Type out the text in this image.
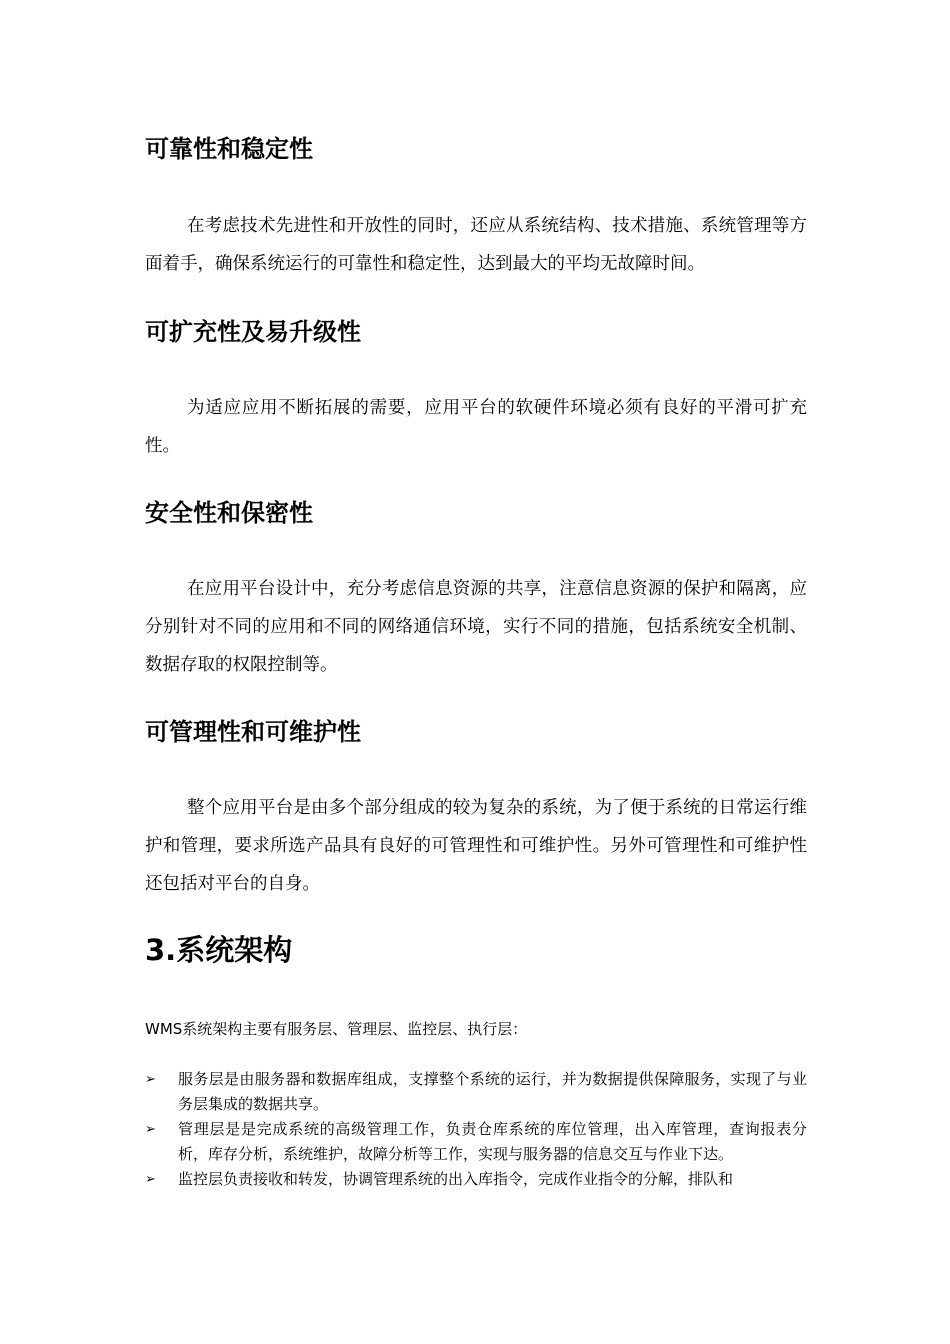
可靠性和稳定性

在考虑技术先进性和开放性的同时，还应从系统结构、技术措施、系统管理等方面着手，确保系统运行的可靠性和稳定性，达到最大的平均无故障时间。

可扩充性及易升级性

为适应应用不断拓展的需要，应用平台的软硬件环境必须有良好的平滑可扩充性。

安全性和保密性

在应用平台设计中，充分考虑信息资源的共享，注意信息资源的保护和隔离，应分别针对不同的应用和不同的网络通信环境，实行不同的措施，包括系统安全机制、数据存取的权限控制等。

可管理性和可维护性

整个应用平台是由多个部分组成的较为复杂的系统，为了便于系统的日常运行维护和管理，要求所选产品具有良好的可管理性和可维护性。另外可管理性和可维护性还包括对平台的自身。

3.系统架构

WMS系统架构主要有服务层、管理层、监控层、执行层：

➢ 服务层是由服务器和数据库组成，支撑整个系统的运行，并为数据提供保障服务，实现了与业务层集成的数据共享。
➢ 管理层是是完成系统的高级管理工作，负责仓库系统的库位管理，出入库管理，查询报表分析，库存分析，系统维护，故障分析等工作，实现与服务器的信息交互与作业下达。
➢ 监控层负责接收和转发，协调管理系统的出入库指令，完成作业指令的分解，排队和
